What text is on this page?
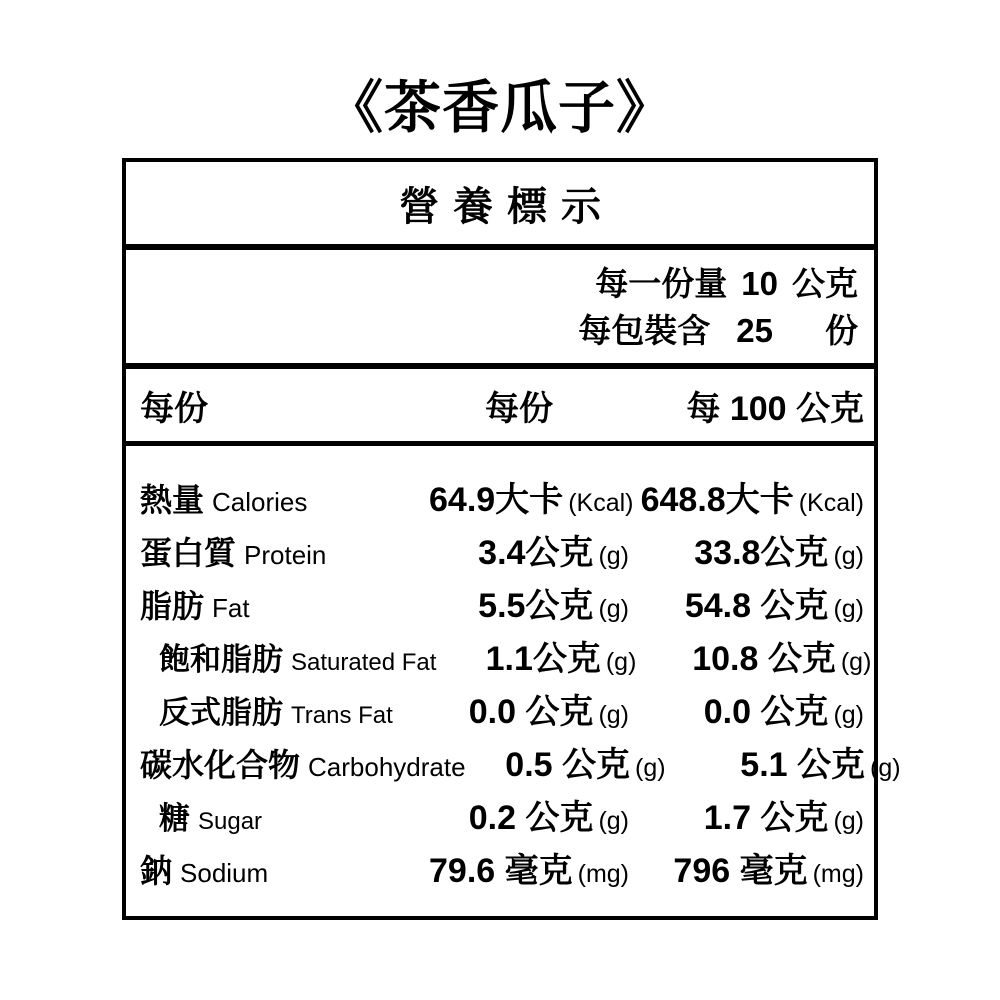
《茶香瓜子》
營養標示
每一份量 10 公克
每包裝含 25 份
每份	每份	每 100 公克
熱量 Calories	64.9大卡 (Kcal) 648.8大卡 (Kcal)
蛋白質 Protein	3.4公克 (g)	33.8公克 (g)
脂肪 Fat	5.5公克 (g)	54.8 公克 (g)
飽和脂肪 Saturated Fat	1.1公克 (g)	10.8 公克 (g)
反式脂肪 Trans Fat	0.0 公克 (g)	0.0 公克 (g)
碳水化合物 Carbohydrate	0.5 公克 (g)	5.1 公克 (g)
糖 Sugar	0.2 公克 (g)	1.7 公克 (g)
鈉 Sodium	79.6 毫克 (mg)	796 毫克 (mg)
